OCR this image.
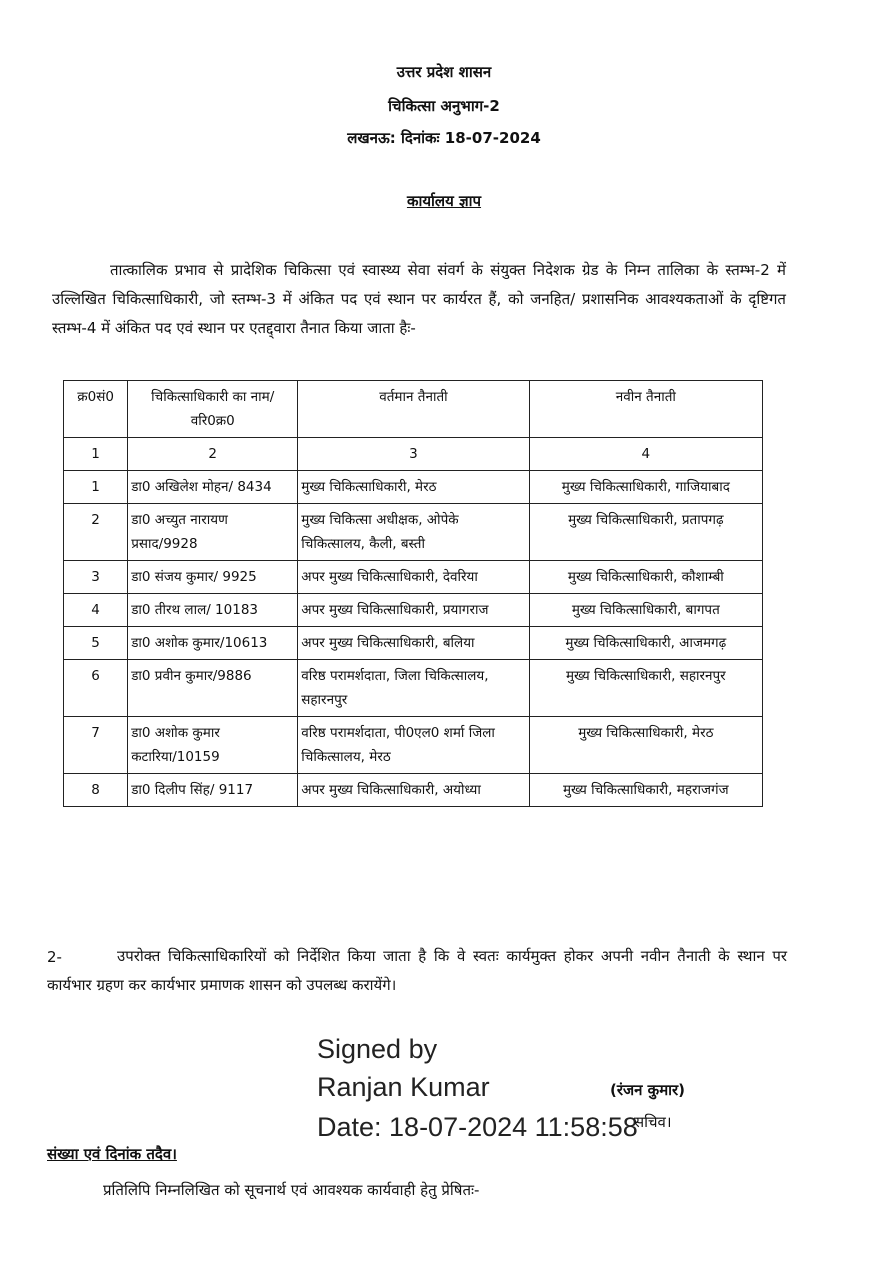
उत्तर प्रदेश शासन
चिकित्सा अनुभाग-2
लखनऊ: दिनांकः 18-07-2024
कार्यालय ज्ञाप
तात्कालिक प्रभाव से प्रादेशिक चिकित्सा एवं स्वास्थ्य सेवा संवर्ग के संयुक्त निदेशक ग्रेड के निम्न तालिका के स्तम्भ-2 में उल्लिखित चिकित्साधिकारी, जो स्तम्भ-3 में अंकित पद एवं स्थान पर कार्यरत हैं, को जनहित/ प्रशासनिक आवश्यकताओं के दृष्टिगत स्तम्भ-4 में अंकित पद एवं स्थान पर एतद्द्वारा तैनात किया जाता हैः-
क्र0सं0	चिकित्साधिकारी का नाम/ वरि0क्र0	वर्तमान तैनाती	नवीन तैनाती
1	2	3	4
1	डा0 अखिलेश मोहन/ 8434	मुख्य चिकित्साधिकारी, मेरठ	मुख्य चिकित्साधिकारी, गाजियाबाद
2	डा0 अच्युत नारायण प्रसाद/9928	मुख्य चिकित्सा अधीक्षक, ओपेके चिकित्सालय, कैली, बस्ती	मुख्य चिकित्साधिकारी, प्रतापगढ़
3	डा0 संजय कुमार/ 9925	अपर मुख्य चिकित्साधिकारी, देवरिया	मुख्य चिकित्साधिकारी, कौशाम्बी
4	डा0 तीरथ लाल/ 10183	अपर मुख्य चिकित्साधिकारी, प्रयागराज	मुख्य चिकित्साधिकारी, बागपत
5	डा0 अशोक कुमार/10613	अपर मुख्य चिकित्साधिकारी, बलिया	मुख्य चिकित्साधिकारी, आजमगढ़
6	डा0 प्रवीन कुमार/9886	वरिष्ठ परामर्शदाता, जिला चिकित्सालय, सहारनपुर	मुख्य चिकित्साधिकारी, सहारनपुर
7	डा0 अशोक कुमार कटारिया/10159	वरिष्ठ परामर्शदाता, पी0एल0 शर्मा जिला चिकित्सालय, मेरठ	मुख्य चिकित्साधिकारी, मेरठ
8	डा0 दिलीप सिंह/ 9117	अपर मुख्य चिकित्साधिकारी, अयोध्या	मुख्य चिकित्साधिकारी, महराजगंज
2-	उपरोक्त चिकित्साधिकारियों को निर्देशित किया जाता है कि वे स्वतः कार्यमुक्त होकर अपनी नवीन तैनाती के स्थान पर कार्यभार ग्रहण कर कार्यभार प्रमाणक शासन को उपलब्ध करायेंगे।
Signed by
Ranjan Kumar
Date: 18-07-2024 11:58:58
(रंजन कुमार)
सचिव।
संख्या एवं दिनांक तदैव।
प्रतिलिपि निम्नलिखित को सूचनार्थ एवं आवश्यक कार्यवाही हेतु प्रेषितः-
